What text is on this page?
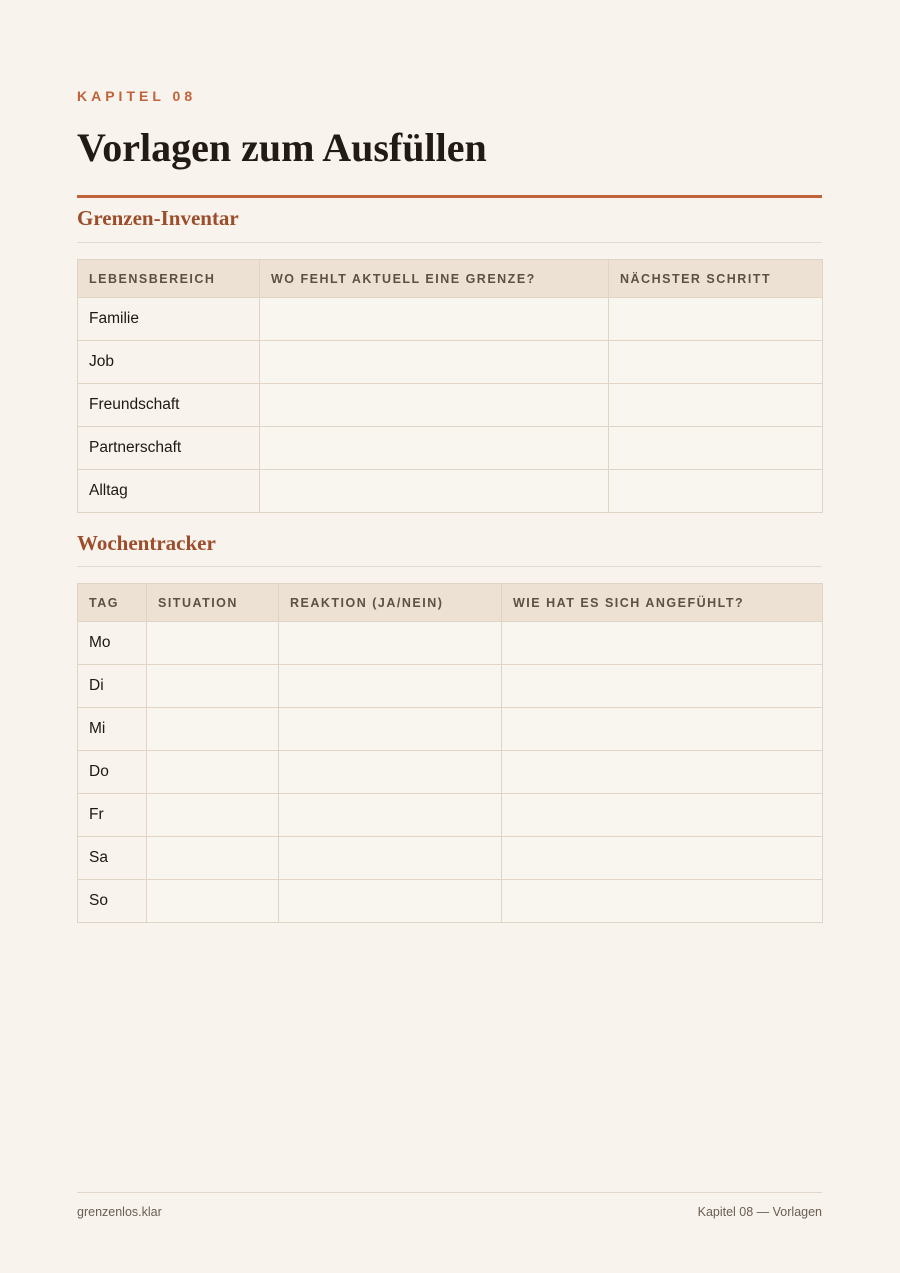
KAPITEL 08
Vorlagen zum Ausfüllen
Grenzen-Inventar
LEBENSBEREICH	WO FEHLT AKTUELL EINE GRENZE?	NÄCHSTER SCHRITT
Familie		
Job		
Freundschaft		
Partnerschaft		
Alltag		
Wochentracker
TAG	SITUATION	REAKTION (JA/NEIN)	WIE HAT ES SICH ANGEFÜHLT?
Mo			
Di			
Mi			
Do			
Fr			
Sa			
So			
grenzenlos.klar	Kapitel 08 — Vorlagen
